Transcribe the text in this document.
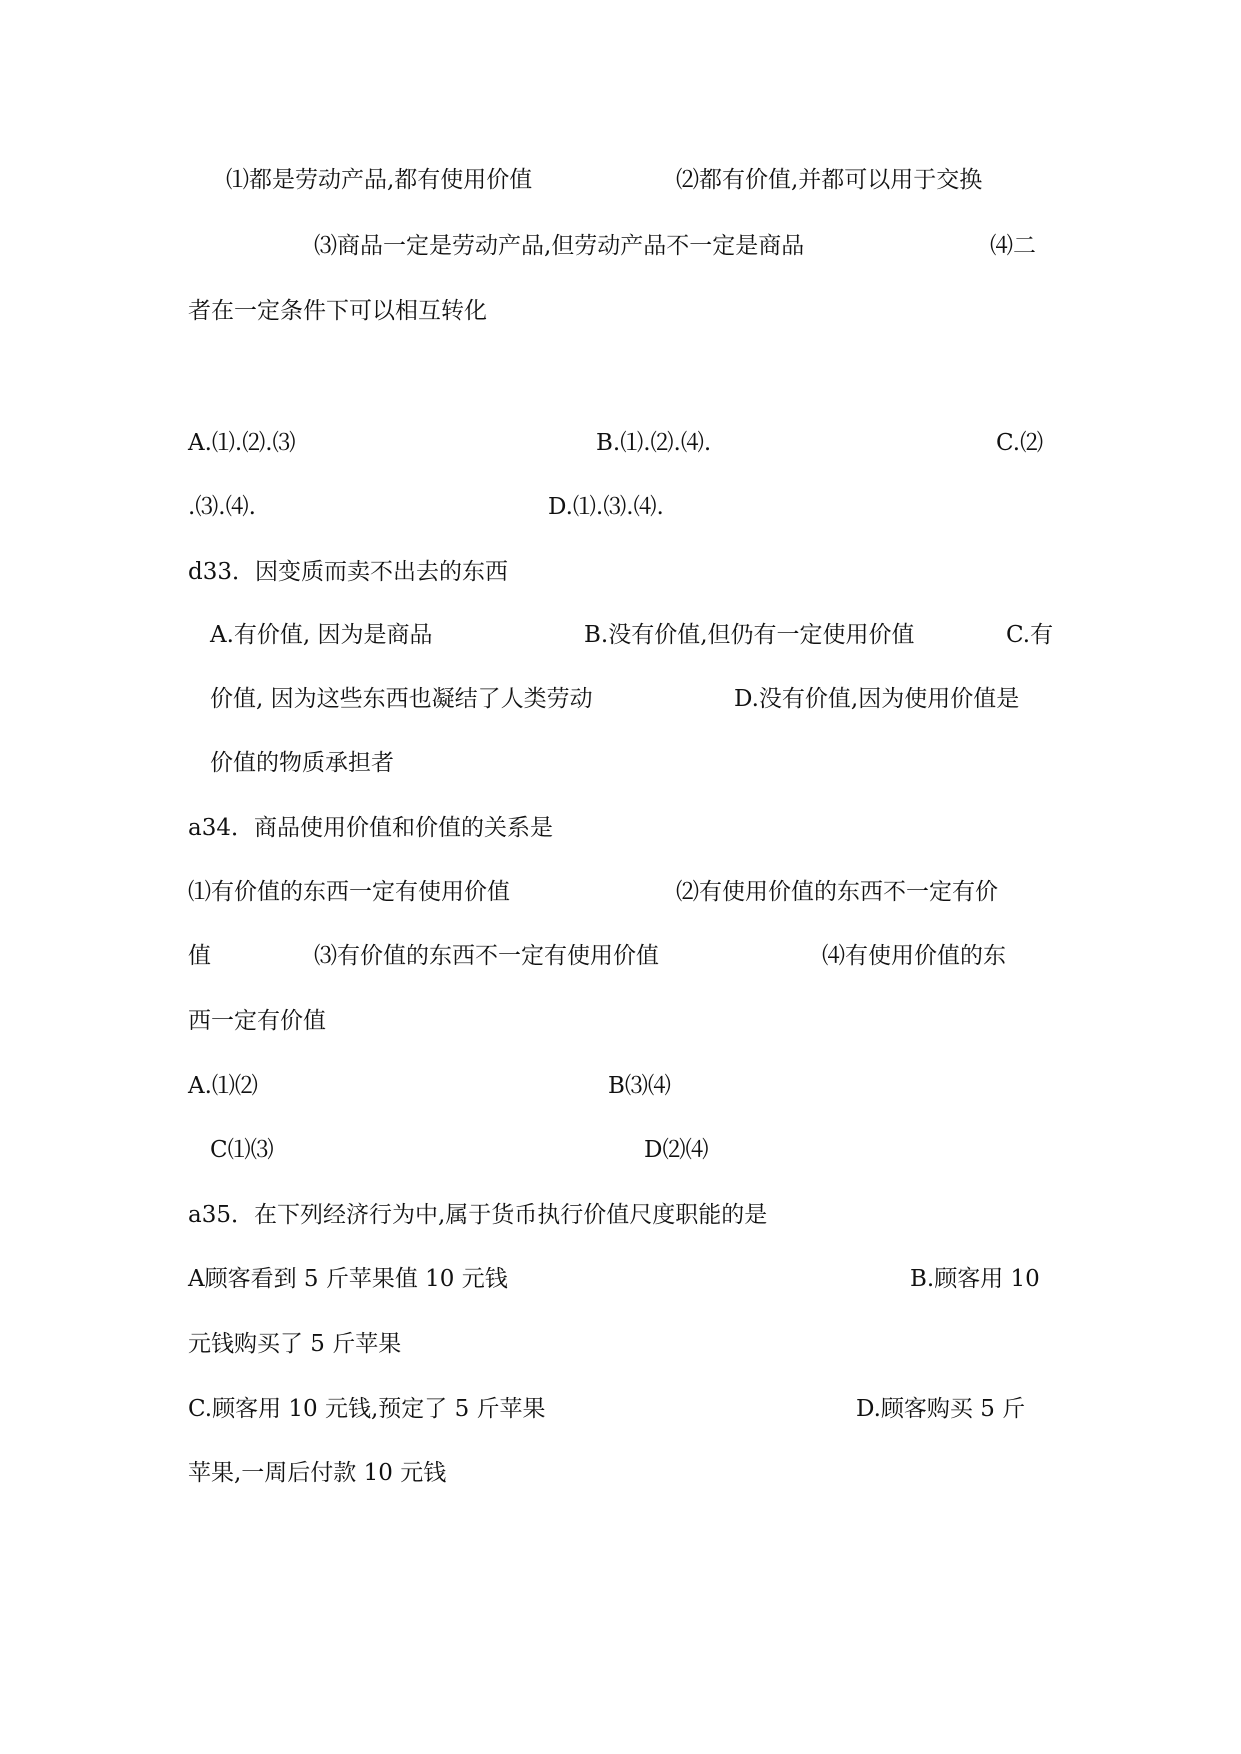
⑴都是劳动产品,都有使用价值	⑵都有价值,并都可以用于交换
⑶商品一定是劳动产品,但劳动产品不一定是商品	⑷二
者在一定条件下可以相互转化
A.⑴.⑵.⑶	B.⑴.⑵.⑷.	C.⑵
.⑶.⑷.	D.⑴.⑶.⑷.
d33．因变质而卖不出去的东西
A.有价值, 因为是商品	B.没有价值,但仍有一定使用价值	C.有
价值, 因为这些东西也凝结了人类劳动	D.没有价值,因为使用价值是
价值的物质承担者
a34．商品使用价值和价值的关系是
⑴有价值的东西一定有使用价值	⑵有使用价值的东西不一定有价
值	⑶有价值的东西不一定有使用价值	⑷有使用价值的东
西一定有价值
A.⑴⑵	B⑶⑷
C⑴⑶	D⑵⑷
a35．在下列经济行为中,属于货币执行价值尺度职能的是
A顾客看到 5 斤苹果值 10 元钱	B.顾客用 10
元钱购买了 5 斤苹果
C.顾客用 10 元钱,预定了 5 斤苹果	D.顾客购买 5 斤
苹果,一周后付款 10 元钱
